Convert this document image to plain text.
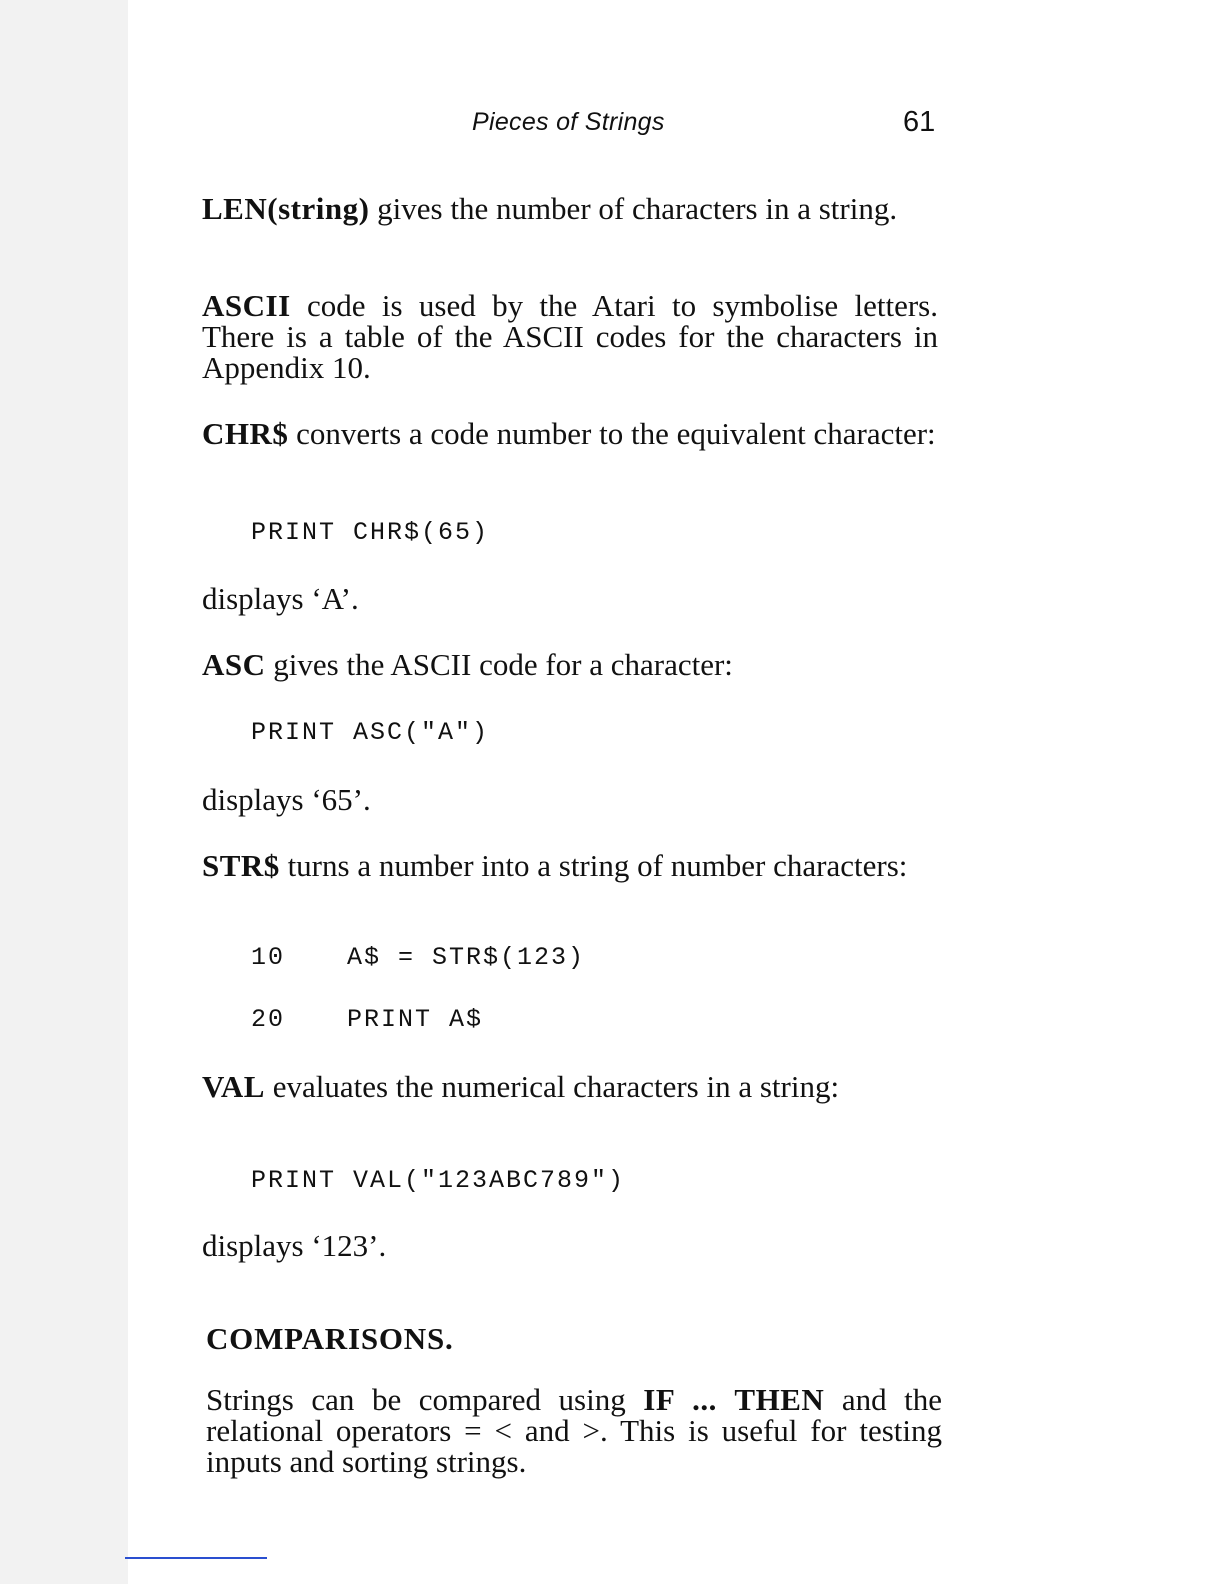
Pieces of Strings	61
LEN(string) gives the number of characters in a string.
ASCII code is used by the Atari to symbolise letters. There is a table of the ASCII codes for the characters in Appendix 10.
CHR$ converts a code number to the equivalent character:
PRINT CHR$(65)
displays ‘A’.
ASC gives the ASCII code for a character:
PRINT ASC("A")
displays ‘65’.
STR$ turns a number into a string of number characters:
10 A$ = STR$(123)
20 PRINT A$
VAL evaluates the numerical characters in a string:
PRINT VAL("123ABC789")
displays ‘123’.
COMPARISONS.
Strings can be compared using IF ... THEN and the relational operators = < and >. This is useful for testing inputs and sorting strings.
